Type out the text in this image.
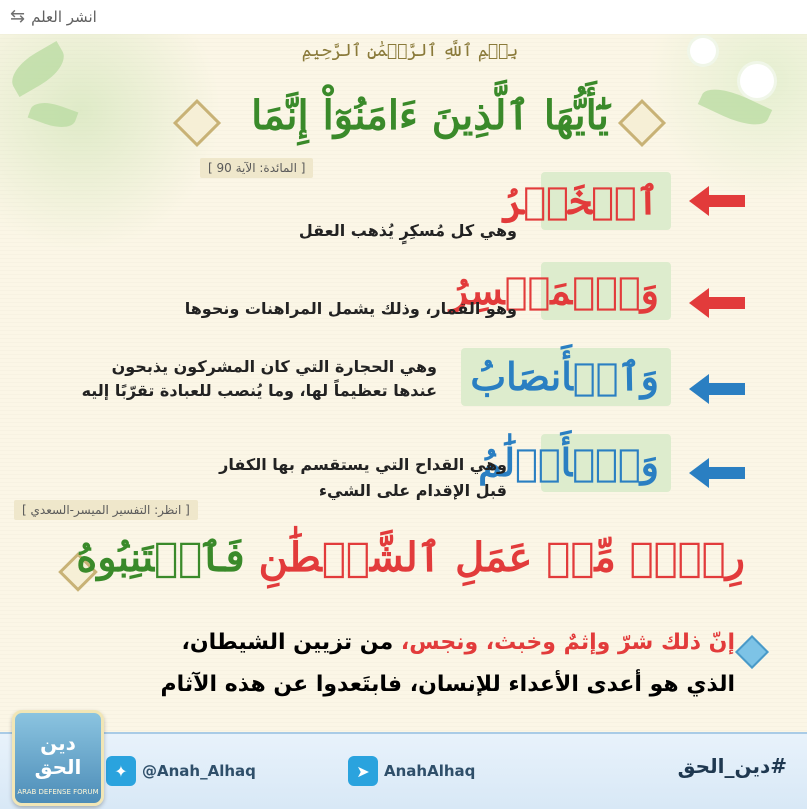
انشر العلم
⇆
بِسۡمِ ٱللَّهِ ٱلرَّحۡمَٰنِ ٱلرَّحِيمِ
يَٰٓأَيُّهَا ٱلَّذِينَ ءَامَنُوٓاْ إِنَّمَا
[ المائدة: الآية 90 ]
ٱلۡخَمۡرُ
وهي كل مُسكِرٍ يُذهب العقل
وَٱلۡمَيۡسِرُ
وهو القمار، وذلك يشمل المراهنات ونحوها
وَٱلۡأَنصَابُ
وهي الحجارة التي كان المشركون يذبحون
عندها تعظيماً لها، وما يُنصب للعبادة تقرّبًا إليه
وَٱلۡأَزۡلَٰمُ
وهي القداح التي يستقسم بها الكفار
قبل الإقدام على الشيء
[ انظر: التفسير الميسر-السعدي ]
رِجۡسٞ مِّنۡ عَمَلِ ٱلشَّيۡطَٰنِ فَٱجۡتَنِبُوهُ
إنّ ذلك شرّ وإثمٌ وخبث، ونجس، من تزيين الشيطان،
الذي هو أعدى الأعداء للإنسان، فابتَعدوا عن هذه الآثام
✦ @Anah_Alhaq	➤ AnahAlhaq	#دين_الحق
دين الحق
ARAB DEFENSE FORUM
